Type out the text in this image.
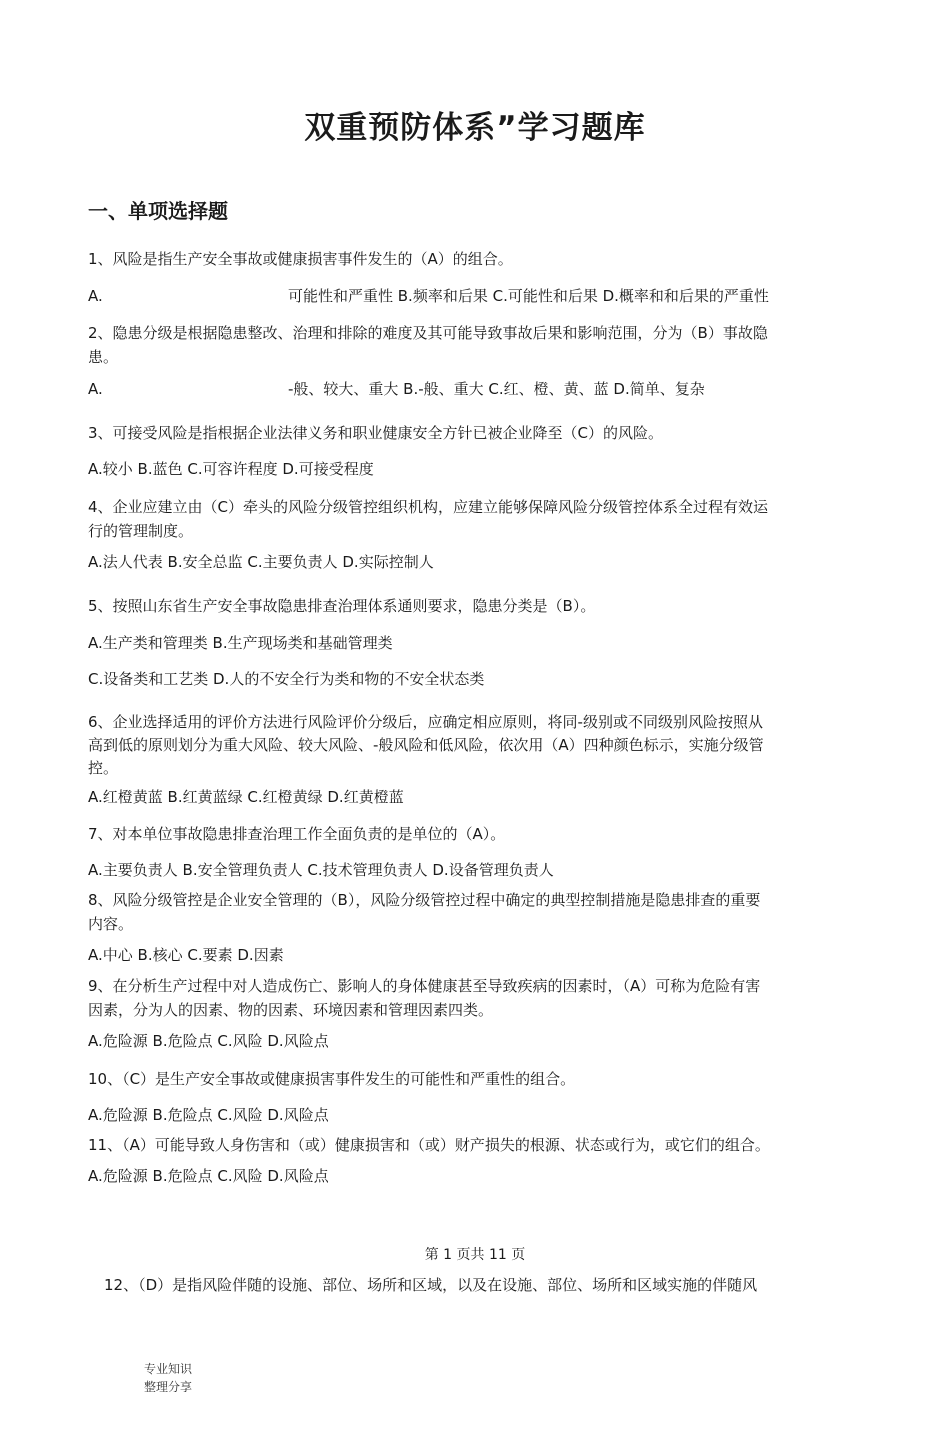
双重预防体系”学习题库
一、单项选择题
1、风险是指生产安全事故或健康损害事件发生的（A）的组合。
A.	可能性和严重性 B.频率和后果 C.可能性和后果 D.概率和和后果的严重性
2、隐患分级是根据隐患整改、治理和排除的难度及其可能导致事故后果和影响范围，分为（B）事故隐
患。
A.	-般、较大、重大 B.-般、重大 C.红、橙、黄、蓝 D.简单、复杂
3、可接受风险是指根据企业法律义务和职业健康安全方针已被企业降至（C）的风险。
A.较小 B.蓝色 C.可容许程度 D.可接受程度
4、企业应建立由（C）牵头的风险分级管控组织机构，应建立能够保障风险分级管控体系全过程有效运
行的管理制度。
A.法人代表 B.安全总监 C.主要负责人 D.实际控制人
5、按照山东省生产安全事故隐患排查治理体系通则要求，隐患分类是（B）。
A.生产类和管理类 B.生产现场类和基础管理类
C.设备类和工艺类 D.人的不安全行为类和物的不安全状态类
6、企业选择适用的评价方法进行风险评价分级后，应确定相应原则，将同-级别或不同级别风险按照从
高到低的原则划分为重大风险、较大风险、-般风险和低风险，依次用（A）四种颜色标示，实施分级管
控。
A.红橙黄蓝 B.红黄蓝绿 C.红橙黄绿 D.红黄橙蓝
7、对本单位事故隐患排查治理工作全面负责的是单位的（A）。
A.主要负责人 B.安全管理负责人 C.技术管理负责人 D.设备管理负责人
8、风险分级管控是企业安全管理的（B），风险分级管控过程中确定的典型控制措施是隐患排查的重要
内容。
A.中心 B.核心 C.要素 D.因素
9、在分析生产过程中对人造成伤亡、影响人的身体健康甚至导致疾病的因素时，（A）可称为危险有害
因素，分为人的因素、物的因素、环境因素和管理因素四类。
A.危险源 B.危险点 C.风险 D.风险点
10、（C）是生产安全事故或健康损害事件发生的可能性和严重性的组合。
A.危险源 B.危险点 C.风险 D.风险点
11、（A）可能导致人身伤害和（或）健康损害和（或）财产损失的根源、状态或行为，或它们的组合。
A.危险源 B.危险点 C.风险 D.风险点
第 1 页共 11 页
12、（D）是指风险伴随的设施、部位、场所和区域，以及在设施、部位、场所和区域实施的伴随风
专业知识整理分享
